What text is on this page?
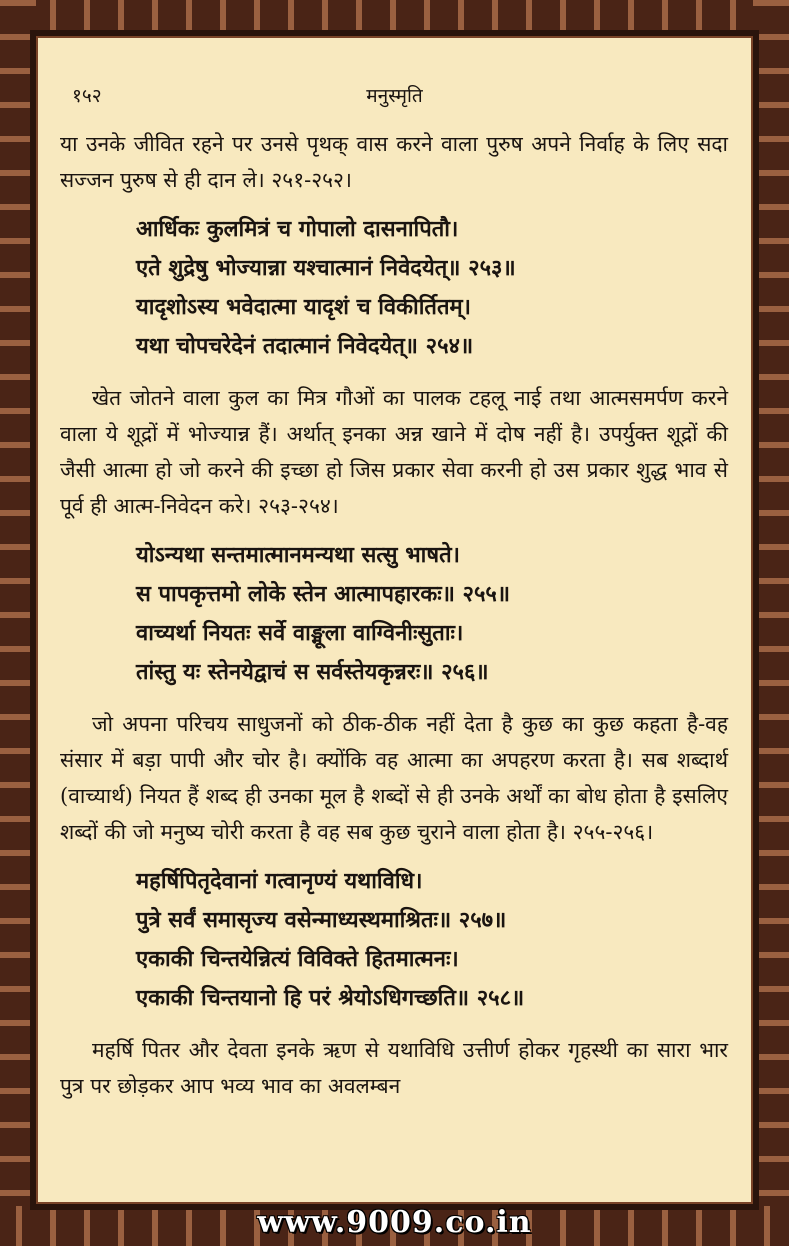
१५२	मनुस्मृति

या उनके जीवित रहने पर उनसे पृथक् वास करने वाला पुरुष अपने निर्वाह के लिए सदा सज्जन पुरुष से ही दान ले। २५१-२५२।

आर्धिकः कुलमित्रं च गोपालो दासनापितौ।
एते शुद्रेषु भोज्यान्ना यश्चात्मानं निवेदयेत्॥ २५३॥
यादृशोऽस्य भवेदात्मा यादृशं च विकीर्तितम्।
यथा चोपचरेदेनं तदात्मानं निवेदयेत्॥ २५४॥

खेत जोतने वाला कुल का मित्र गौओं का पालक टहलू नाई तथा आत्मसमर्पण करने वाला ये शूद्रों में भोज्यान्न हैं। अर्थात् इनका अन्न खाने में दोष नहीं है। उपर्युक्त शूद्रों की जैसी आत्मा हो जो करने की इच्छा हो जिस प्रकार सेवा करनी हो उस प्रकार शुद्ध भाव से पूर्व ही आत्म-निवेदन करे। २५३-२५४।

योऽन्यथा सन्तमात्मानमन्यथा सत्सु भाषते।
स पापकृत्तमो लोके स्तेन आत्मापहारकः॥ २५५॥
वाच्यर्था नियतः सर्वे वाङ्मूला वाग्विनीःसुताः।
तांस्तु यः स्तेनयेद्वाचं स सर्वस्तेयकृन्नरः॥ २५६॥

जो अपना परिचय साधुजनों को ठीक-ठीक नहीं देता है कुछ का कुछ कहता है-वह संसार में बड़ा पापी और चोर है। क्योंकि वह आत्मा का अपहरण करता है। सब शब्दार्थ (वाच्यार्थ) नियत हैं शब्द ही उनका मूल है शब्दों से ही उनके अर्थों का बोध होता है इसलिए शब्दों की जो मनुष्य चोरी करता है वह सब कुछ चुराने वाला होता है। २५५-२५६।

महर्षिपितृदेवानां गत्वानृण्यं यथाविधि।
पुत्रे सर्वं समासृज्य वसेन्माध्यस्थमाश्रितः॥ २५७॥
एकाकी चिन्तयेन्नित्यं विविक्ते हितमात्मनः।
एकाकी चिन्तयानो हि परं श्रेयोऽधिगच्छति॥ २५८॥

महर्षि पितर और देवता इनके ऋण से यथाविधि उत्तीर्ण होकर गृहस्थी का सारा भार पुत्र पर छोड़कर आप भव्य भाव का अवलम्बन

www.9009.co.in
